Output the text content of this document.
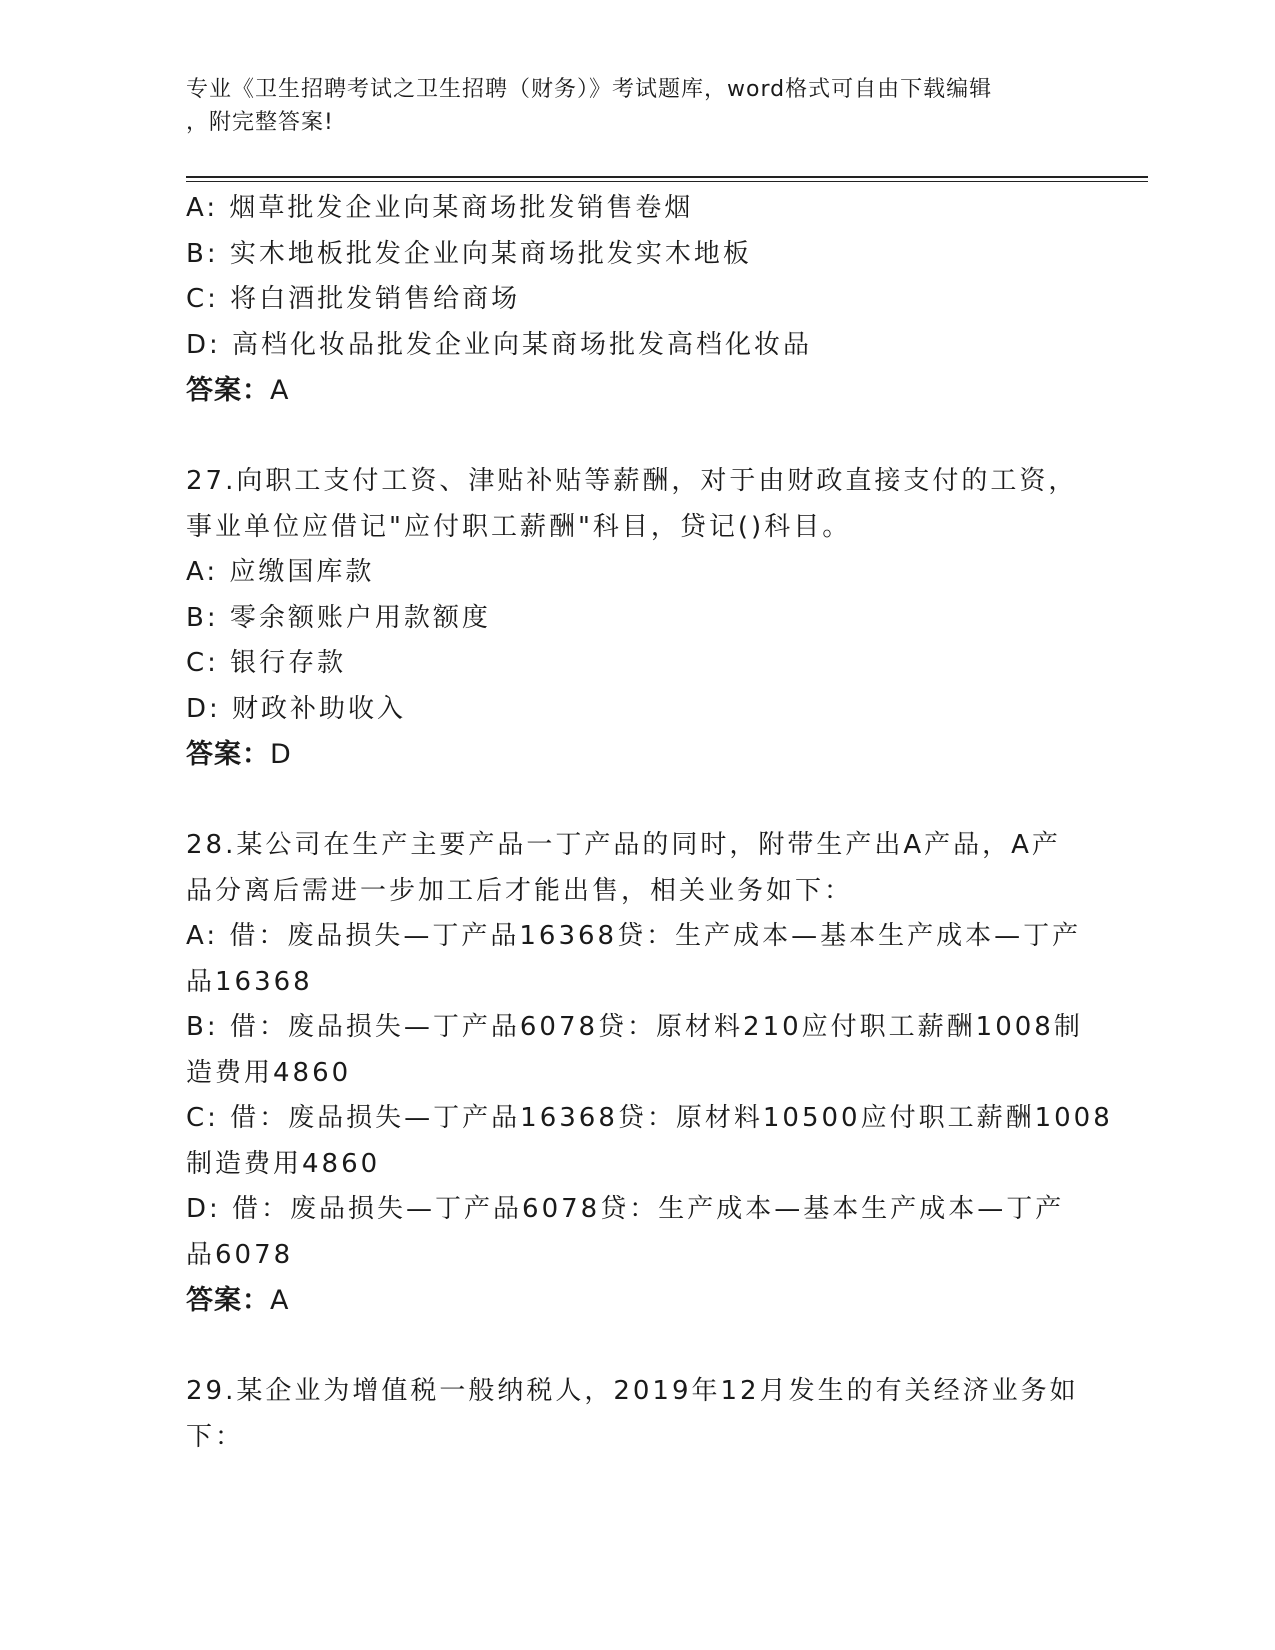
专业《卫生招聘考试之卫生招聘（财务）》考试题库，word格式可自由下载编辑
，附完整答案!
A: 烟草批发企业向某商场批发销售卷烟
B: 实木地板批发企业向某商场批发实木地板
C: 将白酒批发销售给商场
D: 高档化妆品批发企业向某商场批发高档化妆品
答案：A
27.向职工支付工资、津贴补贴等薪酬，对于由财政直接支付的工资，
事业单位应借记"应付职工薪酬"科目，贷记()科目。
A: 应缴国库款
B: 零余额账户用款额度
C: 银行存款
D: 财政补助收入
答案：D
28.某公司在生产主要产品一丁产品的同时，附带生产出A产品，A产
品分离后需进一步加工后才能出售，相关业务如下：
A: 借：废品损失—丁产品16368贷：生产成本—基本生产成本—丁产
品16368
B: 借：废品损失—丁产品6078贷：原材料210应付职工薪酬1008制
造费用4860
C: 借：废品损失—丁产品16368贷：原材料10500应付职工薪酬1008
制造费用4860
D: 借：废品损失—丁产品6078贷：生产成本—基本生产成本—丁产
品6078
答案：A
29.某企业为增值税一般纳税人，2019年12月发生的有关经济业务如
下：
